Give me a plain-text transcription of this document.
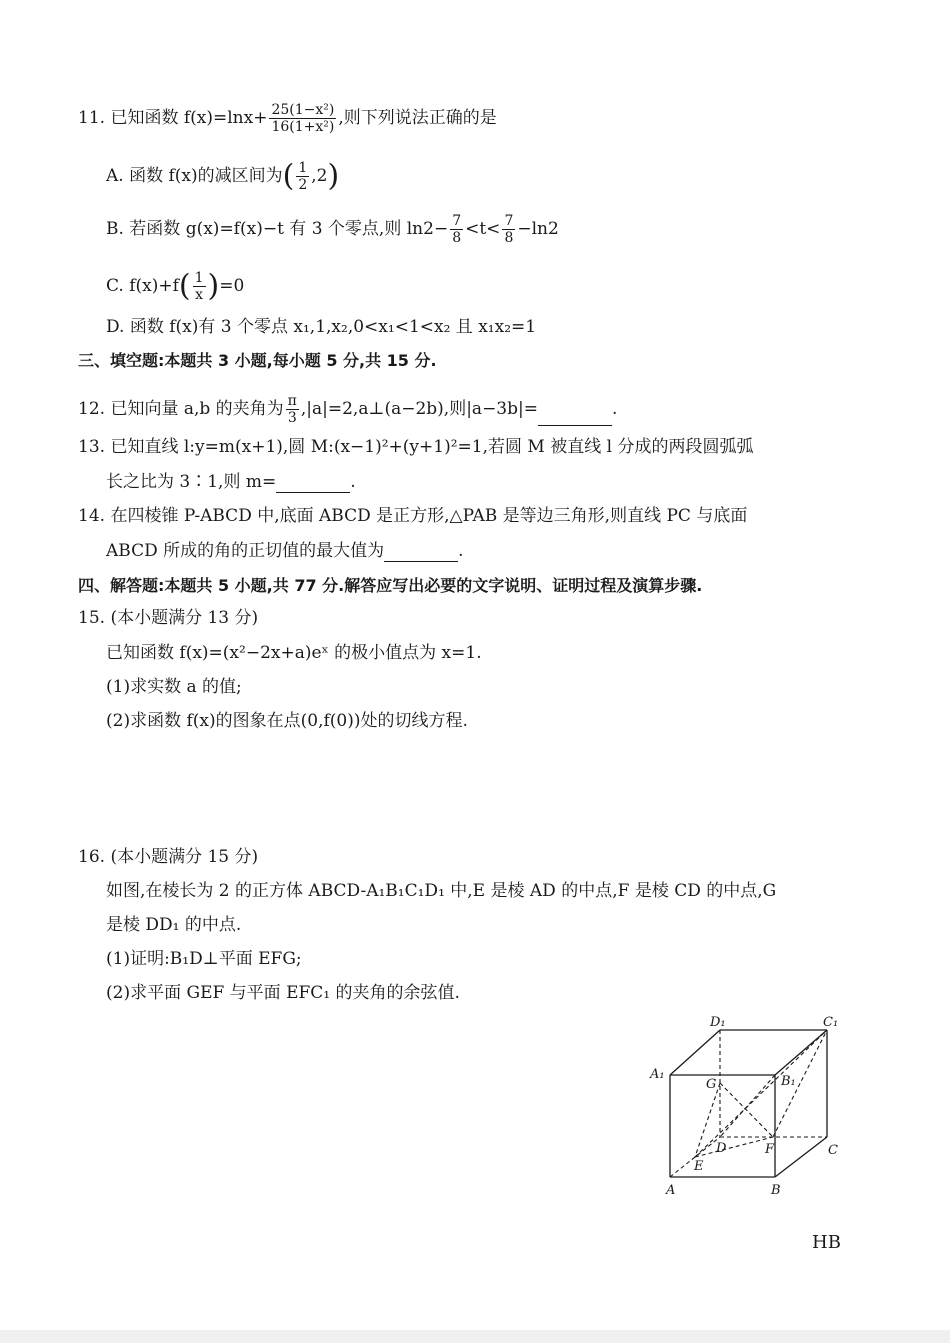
11. 已知函数 $f(x)=\ln x+ \frac{\text{25(1−x²)}}{\text{16(1+x²)}}$ ,则下列说法正确的是
A. 函数 f(x)的减区间为( $\frac{1}{2} ,2$)
B. 若函数 g(x)=f(x)−t 有 3 个零点,则 $\ln 2- \frac{7}{8} <t< \frac{7}{8} -\ln 2$
C. $f(x)+f( \frac{1}{x} )=0$
D. 函数 f(x)有 3 个零点 x₁,1,x₂,0<x₁<1<x₂ 且 x₁x₂=1
三、填空题:本题共 3 小题,每小题 5 分,共 15 分.
12. 已知向量 a,b 的夹角为 $\frac{\pi}{3}$ ,|a|=2,a⊥(a−2b),则|a−3b|=	.
13. 已知直线 l:y=m(x+1),圆 M:(x−1)²+(y+1)²=1,若圆 M 被直线 l 分成的两段圆弧弧
长之比为 3∶1,则 m=	.
14. 在四棱锥 P-ABCD 中,底面 ABCD 是正方形,△PAB 是等边三角形,则直线 PC 与底面
ABCD 所成的角的正切值的最大值为	.
四、解答题:本题共 5 小题,共 77 分.解答应写出必要的文字说明、证明过程及演算步骤.
15. (本小题满分 13 分)
已知函数 f(x)=(x²−2x+a)eˣ 的极小值点为 x=1.
(1)求实数 a 的值;
(2)求函数 f(x)的图象在点(0,f(0))处的切线方程.
16. (本小题满分 15 分)
如图,在棱长为 2 的正方体 ABCD-A₁B₁C₁D₁ 中,E 是棱 AD 的中点,F 是棱 CD 的中点,G
是棱 DD₁ 的中点.
(1)证明:B₁D⊥平面 EFG;
(2)求平面 GEF 与平面 EFC₁ 的夹角的余弦值.
D₁	C₁
A₁	B₁
G
D	F
E
A	B
C
HB
